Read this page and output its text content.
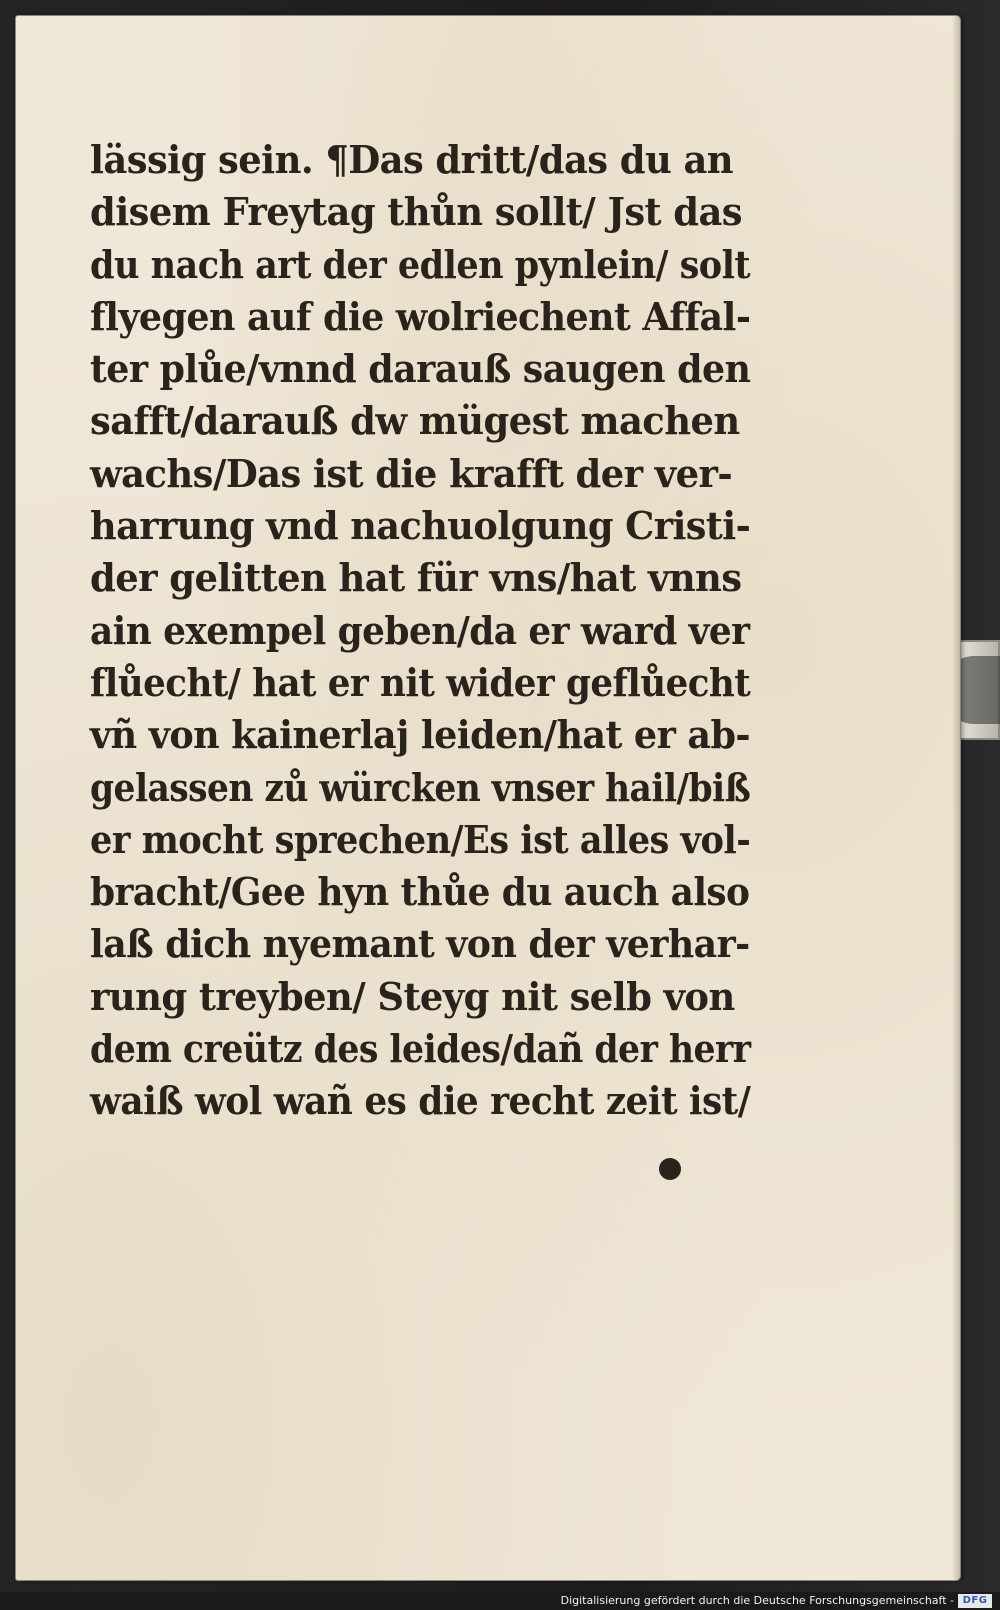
lässig sein. ¶Das dritt/das du an
disem Freytag thůn sollt/ Jst das
du nach art der edlen pynlein/ solt
flyegen auf die wolriechent Affal-
ter plůe/vnnd darauß saugen den
safft/darauß dw mügest machen
wachs/Das ist die krafft der ver-
harrung vnd nachuolgung Cristi-
der gelitten hat für vns/hat vnns
ain exempel geben/da er ward ver
flůecht/ hat er nit wider geflůecht
vñ von kainerlaj leiden/hat er ab-
gelassen zů würcken vnser hail/biß
er mocht sprechen/Es ist alles vol-
bracht/Gee hyn thůe du auch also
laß dich nyemant von der verhar-
rung treyben/ Steyg nit selb von
dem creütz des leides/dañ der herr
waiß wol wañ es die recht zeit ist/
Digitalisierung gefördert durch die Deutsche Forschungsgemeinschaft - DFG
